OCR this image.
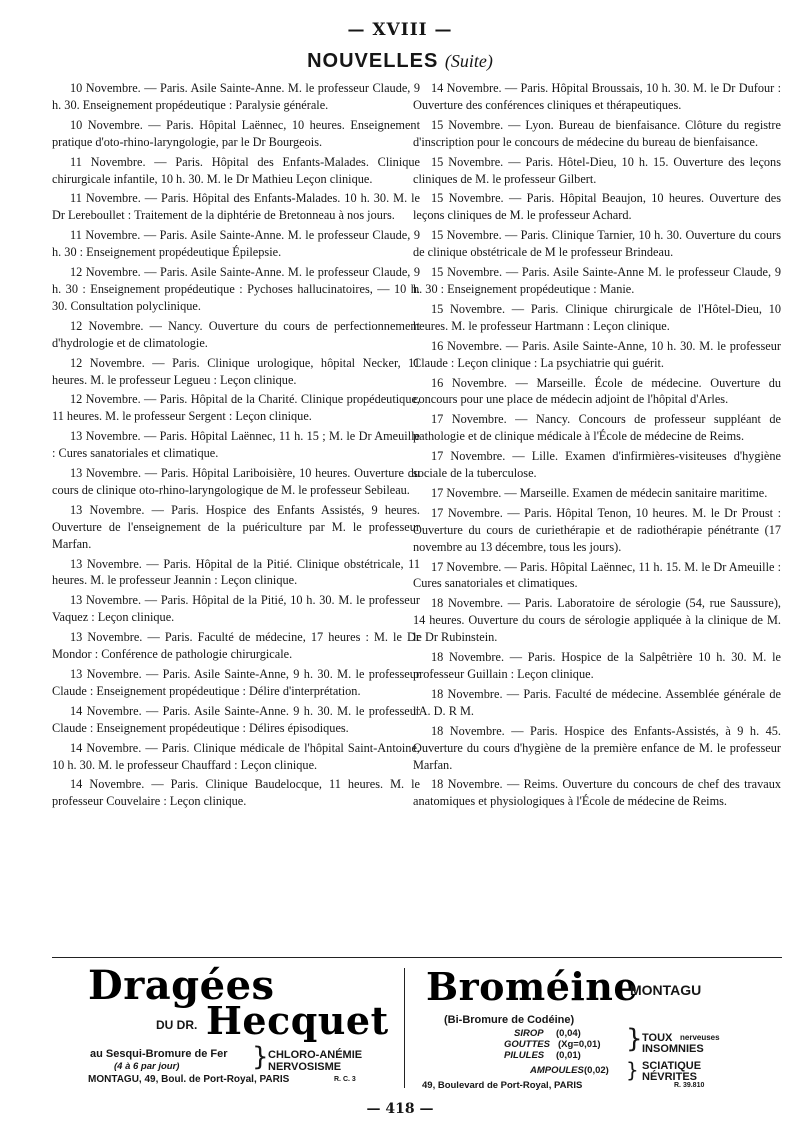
— XVIII —
NOUVELLES (Suite)

10 Novembre. — Paris. Asile Sainte-Anne. M. le professeur Claude, 9 h. 30. Enseignement propédeutique : Paralysie générale.

10 Novembre. — Paris. Hôpital Laënnec, 10 heures. Enseignement pratique d'oto-rhino-laryngologie, par le Dr Bourgeois.

11 Novembre. — Paris. Hôpital des Enfants-Malades. Clinique chirurgicale infantile, 10 h. 30. M. le Dr Mathieu Leçon clinique.

11 Novembre. — Paris. Hôpital des Enfants-Malades. 10 h. 30. M. le Dr Lereboullet : Traitement de la diphtérie de Bretonneau à nos jours.

11 Novembre. — Paris. Asile Sainte-Anne. M. le professeur Claude, 9 h. 30 : Enseignement propédeutique Épilepsie.

12 Novembre. — Paris. Asile Sainte-Anne. M. le professeur Claude, 9 h. 30 : Enseignement propédeutique : Pychoses hallucinatoires, — 10 h. 30. Consultation polyclinique.

12 Novembre. — Nancy. Ouverture du cours de perfectionnement d'hydrologie et de climatologie.

12 Novembre. — Paris. Clinique urologique, hôpital Necker, 11 heures. M. le professeur Legueu : Leçon clinique.

12 Novembre. — Paris. Hôpital de la Charité. Clinique propédeutique, 11 heures. M. le professeur Sergent : Leçon clinique.

13 Novembre. — Paris. Hôpital Laënnec, 11 h. 15 ; M. le Dr Ameuille : Cures sanatoriales et climatique.

13 Novembre. — Paris. Hôpital Lariboisière, 10 heures. Ouverture du cours de clinique oto-rhino-laryngologique de M. le professeur Sebileau.

13 Novembre. — Paris. Hospice des Enfants Assistés, 9 heures. Ouverture de l'enseignement de la puériculture par M. le professeur Marfan.

13 Novembre. — Paris. Hôpital de la Pitié. Clinique obstétricale, 11 heures. M. le professeur Jeannin : Leçon clinique.

13 Novembre. — Paris. Hôpital de la Pitié, 10 h. 30. M. le professeur Vaquez : Leçon clinique.

13 Novembre. — Paris. Faculté de médecine, 17 heures : M. le Dr Mondor : Conférence de pathologie chirurgicale.

13 Novembre. — Paris. Asile Sainte-Anne, 9 h. 30. M. le professeur Claude : Enseignement propédeutique : Délire d'interprétation.

14 Novembre. — Paris. Asile Sainte-Anne. 9 h. 30. M. le professeur Claude : Enseignement propédeutique : Délires épisodiques.

14 Novembre. — Paris. Clinique médicale de l'hôpital Saint-Antoine, 10 h. 30. M. le professeur Chauffard : Leçon clinique.

14 Novembre. — Paris. Clinique Baudelocque, 11 heures. M. le professeur Couvelaire : Leçon clinique.

14 Novembre. — Paris. Hôpital Broussais, 10 h. 30. M. le Dr Dufour : Ouverture des conférences cliniques et thérapeutiques.

15 Novembre. — Lyon. Bureau de bienfaisance. Clôture du registre d'inscription pour le concours de médecine du bureau de bienfaisance.

15 Novembre. — Paris. Hôtel-Dieu, 10 h. 15. Ouverture des leçons cliniques de M. le professeur Gilbert.

15 Novembre. — Paris. Hôpital Beaujon, 10 heures. Ouverture des leçons cliniques de M. le professeur Achard.

15 Novembre. — Paris. Clinique Tarnier, 10 h. 30. Ouverture du cours de clinique obstétricale de M le professeur Brindeau.

15 Novembre. — Paris. Asile Sainte-Anne M. le professeur Claude, 9 h. 30 : Enseignement propédeutique : Manie.

15 Novembre. — Paris. Clinique chirurgicale de l'Hôtel-Dieu, 10 heures. M. le professeur Hartmann : Leçon clinique.

16 Novembre. — Paris. Asile Sainte-Anne, 10 h. 30. M. le professeur Claude : Leçon clinique : La psychiatrie qui guérit.

16 Novembre. — Marseille. École de médecine. Ouverture du concours pour une place de médecin adjoint de l'hôpital d'Arles.

17 Novembre. — Nancy. Concours de professeur suppléant de pathologie et de clinique médicale à l'École de médecine de Reims.

17 Novembre. — Lille. Examen d'infirmières-visiteuses d'hygiène sociale de la tuberculose.

17 Novembre. — Marseille. Examen de médecin sanitaire maritime.

17 Novembre. — Paris. Hôpital Tenon, 10 heures. M. le Dr Proust : Ouverture du cours de curiethérapie et de radiothérapie pénétrante (17 novembre au 13 décembre, tous les jours).

17 Novembre. — Paris. Hôpital Laënnec, 11 h. 15. M. le Dr Ameuille : Cures sanatoriales et climatiques.

18 Novembre. — Paris. Laboratoire de sérologie (54, rue Saussure), 14 heures. Ouverture du cours de sérologie appliquée à la clinique de M. le Dr Rubinstein.

18 Novembre. — Paris. Hospice de la Salpêtrière 10 h. 30. M. le professeur Guillain : Leçon clinique.

18 Novembre. — Paris. Faculté de médecine. Assemblée générale de l'A. D. R M.

18 Novembre. — Paris. Hospice des Enfants-Assistés, à 9 h. 45. Ouverture du cours d'hygiène de la première enfance de M. le professeur Marfan.

18 Novembre. — Reims. Ouverture du concours de chef des travaux anatomiques et physiologiques à l'École de médecine de Reims.

Dragées
DU DR. Hecquet
au Sesqui-Bromure de Fer
(4 à 6 par jour)	} CHLORO-ANÉMIE
NERVOSISME
MONTAGU, 49, Boul. de Port-Royal, PARIS	R. C. 3
Broméine
MONTAGU
(Bi-Bromure de Codéine)
SIROP (0,04)
GOUTTES (Xg=0,01)
PILULES (0,01)
AMPOULES (0,02)
}
}
TOUX nerveuses
INSOMNIES
SCIATIQUE
NÉVRITES
49, Boulevard de Port-Royal, PARIS	R. 39.810
— 418 —
